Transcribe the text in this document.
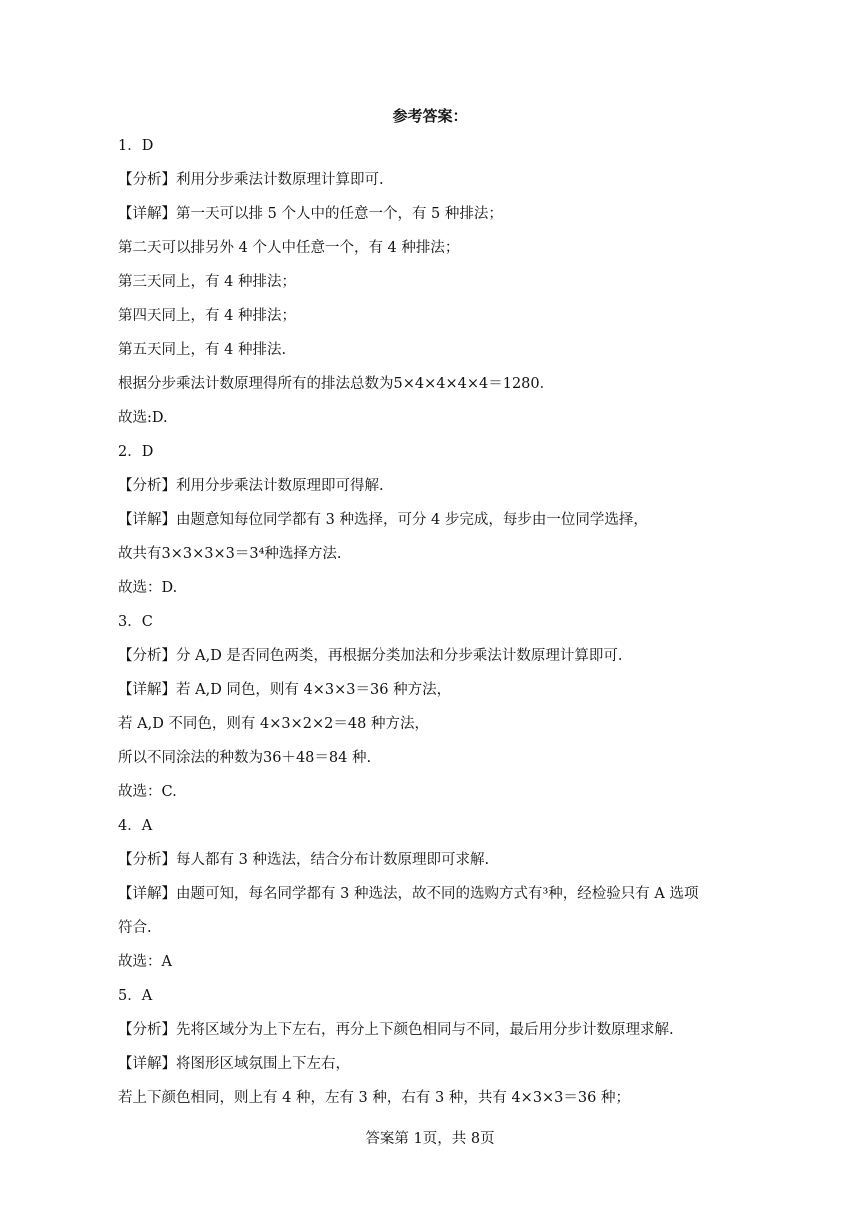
参考答案：
1．D
【分析】利用分步乘法计数原理计算即可.
【详解】第一天可以排 5 个人中的任意一个，有 5 种排法；
第二天可以排另外 4 个人中任意一个，有 4 种排法；
第三天同上，有 4 种排法；
第四天同上，有 4 种排法；
第五天同上，有 4 种排法.
根据分步乘法计数原理得所有的排法总数为5×4×4×4×4＝1280．
故选:D.
2．D
【分析】利用分步乘法计数原理即可得解.
【详解】由题意知每位同学都有 3 种选择，可分 4 步完成，每步由一位同学选择，
故共有3×3×3×3＝3⁴种选择方法.
故选：D.
3．C
【分析】分 A,D 是否同色两类，再根据分类加法和分步乘法计数原理计算即可.
【详解】若 A,D 同色，则有 4×3×3＝36 种方法，
若 A,D 不同色，则有 4×3×2×2＝48 种方法，
所以不同涂法的种数为36＋48＝84 种.
故选：C.
4．A
【分析】每人都有 3 种选法，结合分布计数原理即可求解.
【详解】由题可知，每名同学都有 3 种选法，故不同的选购方式有³种，经检验只有 A 选项
符合.
故选：A
5．A
【分析】先将区域分为上下左右，再分上下颜色相同与不同，最后用分步计数原理求解.
【详解】将图形区域氛围上下左右，
若上下颜色相同，则上有 4 种，左有 3 种，右有 3 种，共有 4×3×3＝36 种；
答案第 1页，共 8页
